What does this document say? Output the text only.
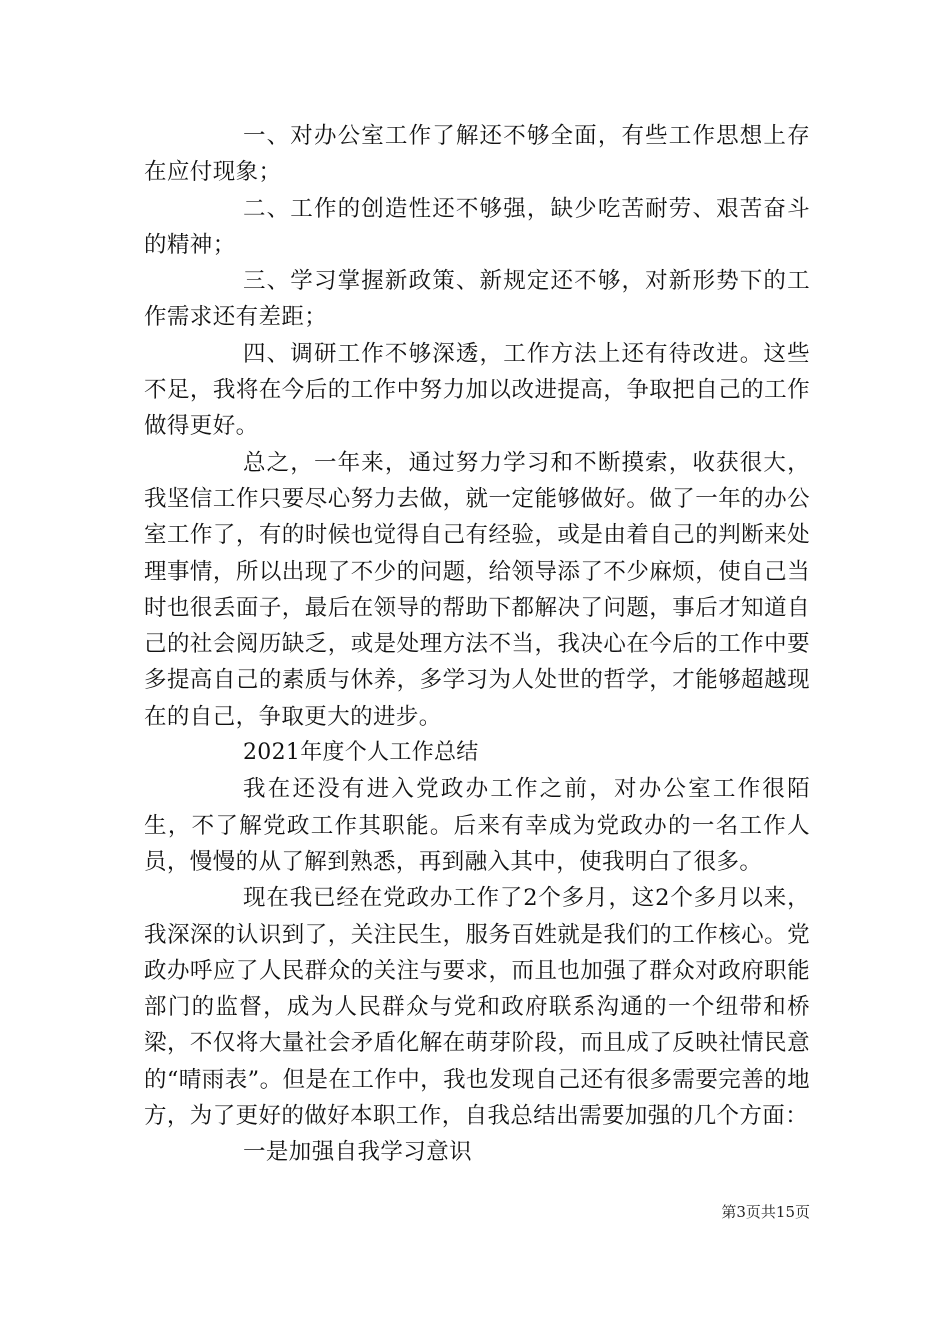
一、对办公室工作了解还不够全面，有些工作思想上存在应付现象；

二、工作的创造性还不够强，缺少吃苦耐劳、艰苦奋斗的精神；

三、学习掌握新政策、新规定还不够，对新形势下的工作需求还有差距；

四、调研工作不够深透，工作方法上还有待改进。这些不足，我将在今后的工作中努力加以改进提高，争取把自己的工作做得更好。

总之，一年来，通过努力学习和不断摸索，收获很大，我坚信工作只要尽心努力去做，就一定能够做好。做了一年的办公室工作了，有的时候也觉得自己有经验，或是由着自己的判断来处理事情，所以出现了不少的问题，给领导添了不少麻烦，使自己当时也很丢面子，最后在领导的帮助下都解决了问题，事后才知道自己的社会阅历缺乏，或是处理方法不当，我决心在今后的工作中要多提高自己的素质与休养，多学习为人处世的哲学，才能够超越现在的自己，争取更大的进步。

2021年度个人工作总结

我在还没有进入党政办工作之前，对办公室工作很陌生，不了解党政工作其职能。后来有幸成为党政办的一名工作人员，慢慢的从了解到熟悉，再到融入其中，使我明白了很多。

现在我已经在党政办工作了2个多月，这2个多月以来，我深深的认识到了，关注民生，服务百姓就是我们的工作核心。党政办呼应了人民群众的关注与要求，而且也加强了群众对政府职能部门的监督，成为人民群众与党和政府联系沟通的一个纽带和桥梁，不仅将大量社会矛盾化解在萌芽阶段，而且成了反映社情民意的“晴雨表”。但是在工作中，我也发现自己还有很多需要完善的地方，为了更好的做好本职工作，自我总结出需要加强的几个方面：

一是加强自我学习意识

第3页共15页
